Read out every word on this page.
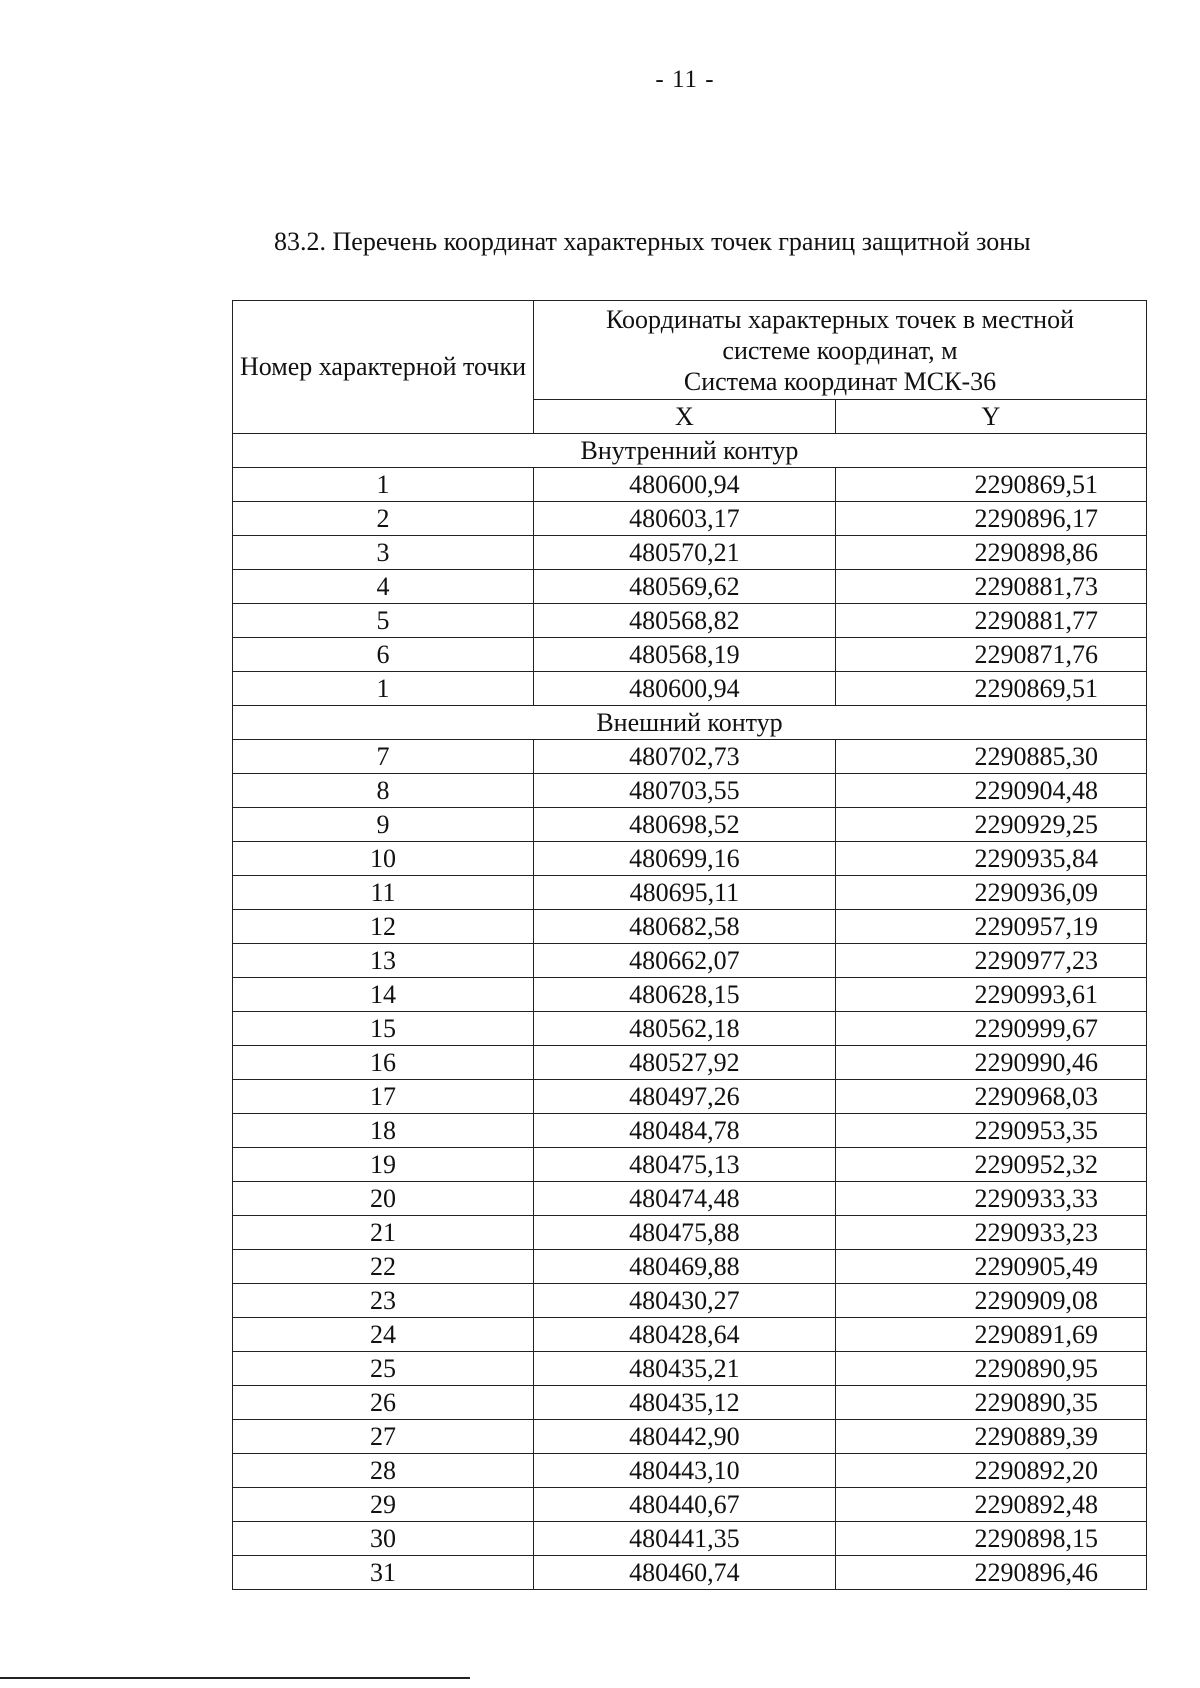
- 11 -
83.2. Перечень координат характерных точек границ защитной зоны
Номер характерной точки	Координаты характерных точек в местной
системе координат, м
Система координат МСК-36	

	X	Y
Внутренний контур		
1	480600,94	2290869,51
2	480603,17	2290896,17
3	480570,21	2290898,86
4	480569,62	2290881,73
5	480568,82	2290881,77
6	480568,19	2290871,76
1	480600,94	2290869,51
Внешний контур		
7	480702,73	2290885,30
8	480703,55	2290904,48
9	480698,52	2290929,25
10	480699,16	2290935,84
11	480695,11	2290936,09
12	480682,58	2290957,19
13	480662,07	2290977,23
14	480628,15	2290993,61
15	480562,18	2290999,67
16	480527,92	2290990,46
17	480497,26	2290968,03
18	480484,78	2290953,35
19	480475,13	2290952,32
20	480474,48	2290933,33
21	480475,88	2290933,23
22	480469,88	2290905,49
23	480430,27	2290909,08
24	480428,64	2290891,69
25	480435,21	2290890,95
26	480435,12	2290890,35
27	480442,90	2290889,39
28	480443,10	2290892,20
29	480440,67	2290892,48
30	480441,35	2290898,15
31	480460,74	2290896,46
